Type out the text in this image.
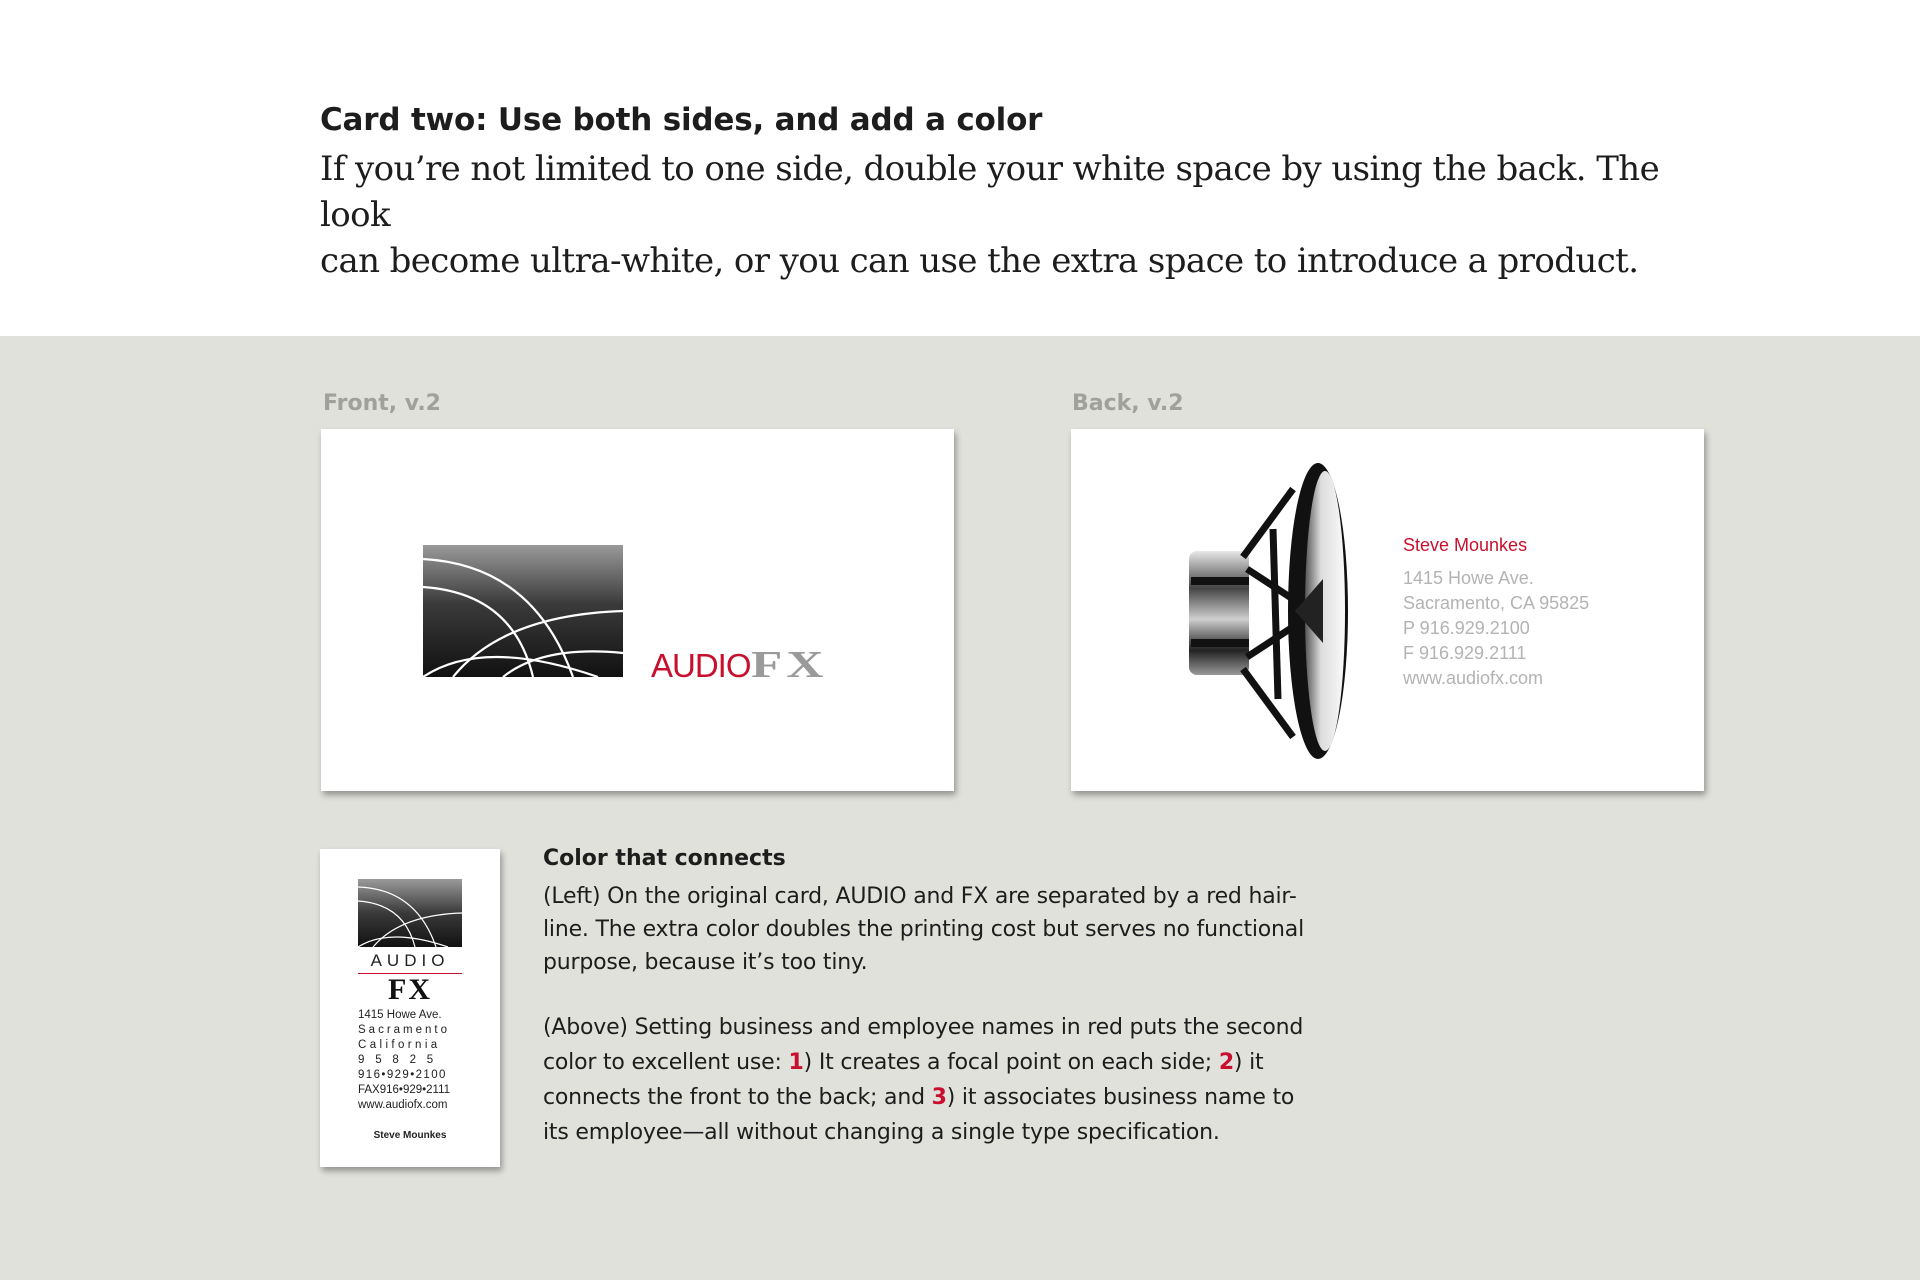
Card two: Use both sides, and add a color

If you’re not limited to one side, double your white space by using the back. The look

can become ultra-white, or you can use the extra space to introduce a product.

Front, v.2	Back, v.2
AUDIOFX
Steve Mounkes
1415 Howe Ave.
Sacramento, CA 95825
P 916.929.2100
F 916.929.2111
www.audiofx.com
AUDIO
FX
1415 Howe Ave.
Sacramento
California
9 5 8 2 5
916•929•2100
FAX916•929•2111
www.audiofx.com
Steve Mounkes
Color that connects

(Left) On the original card, AUDIO and FX are separated by a red hair-

line. The extra color doubles the printing cost but serves no functional

purpose, because it’s too tiny.

(Above) Setting business and employee names in red puts the second

color to excellent use: 1) It creates a focal point on each side; 2) it

connects the front to the back; and 3) it associates business name to

its employee—all without changing a single type specification.
